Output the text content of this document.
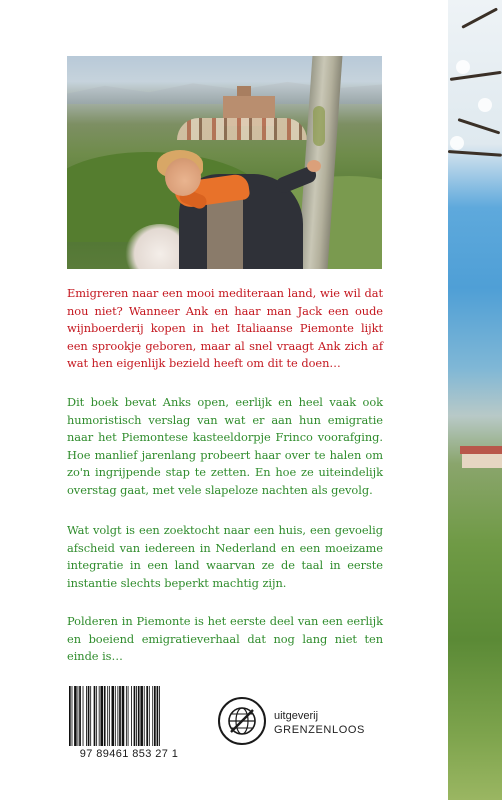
Emigreren naar een mooi mediteraan land, wie wil dat nou niet? Wanneer Ank en haar man Jack een oude wijnboerderij kopen in het Italiaanse Piemonte lijkt een sprookje geboren, maar al snel vraagt Ank zich af wat hen eigenlijk bezield heeft om dit te doen…

Dit boek bevat Anks open, eerlijk en heel vaak ook humoristisch verslag van wat er aan hun emigratie naar het Piemontese kasteeldorpje Frinco voorafging. Hoe manlief jarenlang probeert haar over te halen om zo'n ingrijpende stap te zetten. En hoe ze uiteindelijk overstag gaat, met vele slapeloze nachten als gevolg.

Wat volgt is een zoektocht naar een huis, een gevoelig afscheid van iedereen in Nederland en een moeizame integratie in een land waarvan ze de taal in eerste instantie slechts beperkt machtig zijn.

Polderen in Piemonte is het eerste deel van een eerlijk en boeiend emigratieverhaal dat nog lang niet ten einde is…

97 89461 853 27 1
uitgeverij
GRENZENLOOS
